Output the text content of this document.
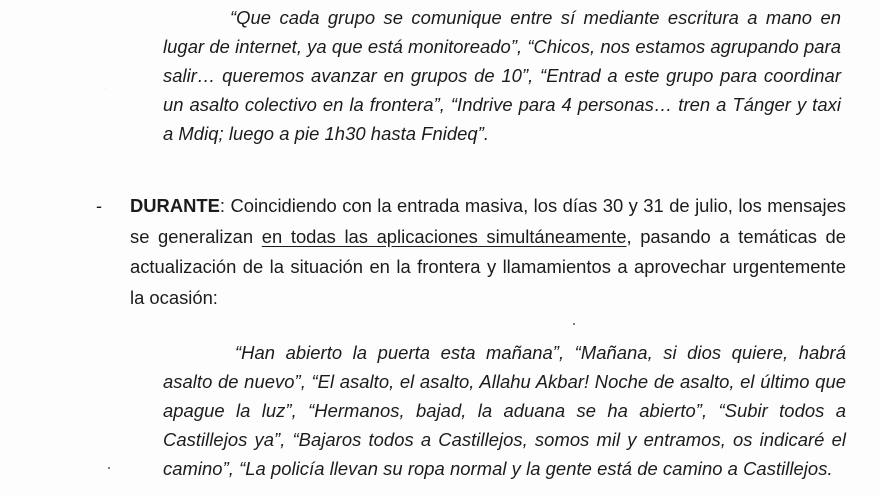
“Que cada grupo se comunique entre sí mediante escritura a mano en lugar de internet, ya que está monitoreado”, “Chicos, nos estamos agrupando para salir… queremos avanzar en grupos de 10”, “Entrad a este grupo para coordinar un asalto colectivo en la frontera”, “Indrive para 4 personas… tren a Tánger y taxi a Mdiq; luego a pie 1h30 hasta Fnideq”.

- DURANTE: Coincidiendo con la entrada masiva, los días 30 y 31 de julio, los mensajes se generalizan en todas las aplicaciones simultáneamente, pasando a temáticas de actualización de la situación en la frontera y llamamientos a aprovechar urgentemente la ocasión:

“Han abierto la puerta esta mañana”, “Mañana, si dios quiere, habrá asalto de nuevo”, “El asalto, el asalto, Allahu Akbar! Noche de asalto, el último que apague la luz”, “Hermanos, bajad, la aduana se ha abierto”, “Subir todos a Castillejos ya”, “Bajaros todos a Castillejos, somos mil y entramos, os indicaré el camino”, “La policía llevan su ropa normal y la gente está de camino a Castillejos.
